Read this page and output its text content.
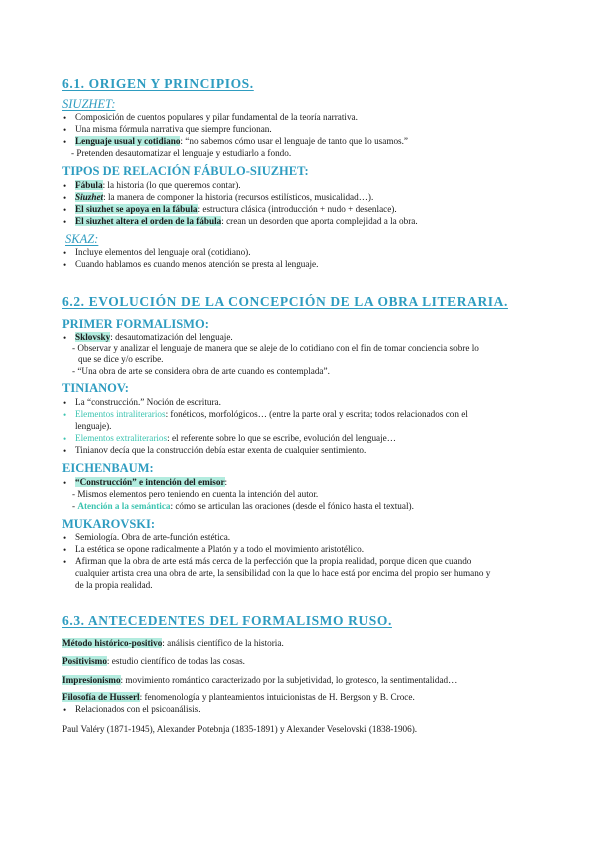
6.1. ORIGEN Y PRINCIPIOS.
SIUZHET:
• Composición de cuentos populares y pilar fundamental de la teoría narrativa.
• Una misma fórmula narrativa que siempre funcionan.
• Lenguaje usual y cotidiano: “no sabemos cómo usar el lenguaje de tanto que lo usamos.”
- Pretenden desautomatizar el lenguaje y estudiarlo a fondo.
TIPOS DE RELACIÓN FÁBULO-SIUZHET:
• Fábula: la historia (lo que queremos contar).
• Siuzhet: la manera de componer la historia (recursos estilísticos, musicalidad…).
• El siuzhet se apoya en la fábula: estructura clásica (introducción + nudo + desenlace).
• El siuzhet altera el orden de la fábula: crean un desorden que aporta complejidad a la obra.
SKAZ:
• Incluye elementos del lenguaje oral (cotidiano).
• Cuando hablamos es cuando menos atención se presta al lenguaje.
6.2. EVOLUCIÓN DE LA CONCEPCIÓN DE LA OBRA LITERARIA.
PRIMER FORMALISMO:
• Sklovsky: desautomatización del lenguaje.
- Observar y analizar el lenguaje de manera que se aleje de lo cotidiano con el fin de tomar conciencia sobre lo
que se dice y/o escribe.
- “Una obra de arte se considera obra de arte cuando es contemplada”.
TINIANOV:
• La “construcción.” Noción de escritura.
• Elementos intraliterarios: fonéticos, morfológicos… (entre la parte oral y escrita; todos relacionados con el
lenguaje).
• Elementos extraliterarios: el referente sobre lo que se escribe, evolución del lenguaje…
• Tinianov decía que la construcción debía estar exenta de cualquier sentimiento.
EICHENBAUM:
• “Construcción” e intención del emisor:
- Mismos elementos pero teniendo en cuenta la intención del autor.
- Atención a la semántica: cómo se articulan las oraciones (desde el fónico hasta el textual).
MUKAROVSKI:
• Semiología. Obra de arte-función estética.
• La estética se opone radicalmente a Platón y a todo el movimiento aristotélico.
• Afirman que la obra de arte está más cerca de la perfección que la propia realidad, porque dicen que cuando
cualquier artista crea una obra de arte, la sensibilidad con la que lo hace está por encima del propio ser humano y
de la propia realidad.
6.3. ANTECEDENTES DEL FORMALISMO RUSO.
Método histórico-positivo: análisis científico de la historia.
Positivismo: estudio científico de todas las cosas.
Impresionismo: movimiento romántico caracterizado por la subjetividad, lo grotesco, la sentimentalidad…
Filosofía de Husserl: fenomenología y planteamientos intuicionistas de H. Bergson y B. Croce.
• Relacionados con el psicoanálisis.
Paul Valéry (1871-1945), Alexander Potebnja (1835-1891) y Alexander Veselovski (1838-1906).
